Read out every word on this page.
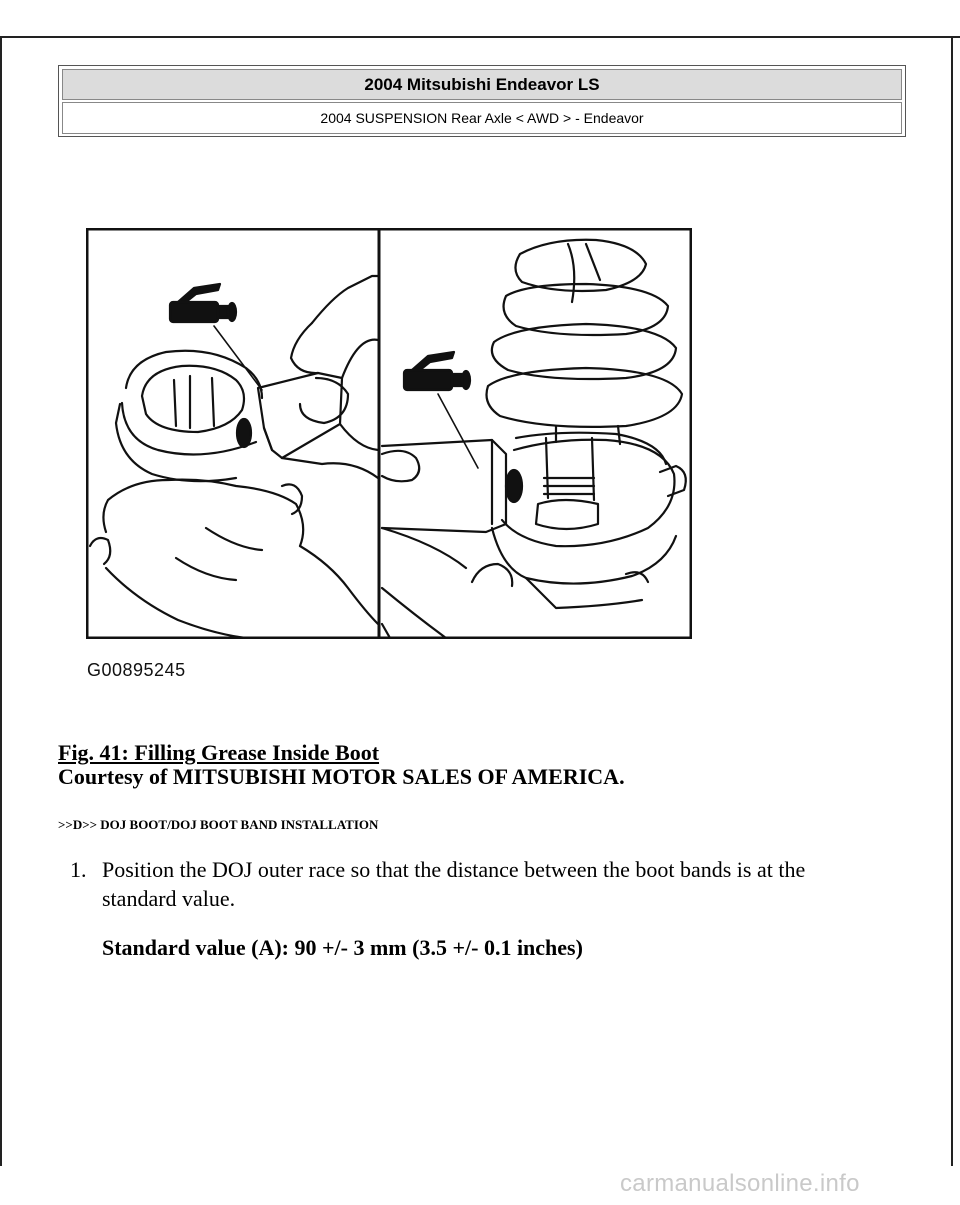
2004 Mitsubishi Endeavor LS
2004 SUSPENSION Rear Axle < AWD > - Endeavor
G00895245
Fig. 41: Filling Grease Inside Boot
Courtesy of MITSUBISHI MOTOR SALES OF AMERICA.
>>D>> DOJ BOOT/DOJ BOOT BAND INSTALLATION
1. Position the DOJ outer race so that the distance between the boot bands is at the standard value.
Standard value (A): 90 +/- 3 mm (3.5 +/- 0.1 inches)
carmanualsonline.info
